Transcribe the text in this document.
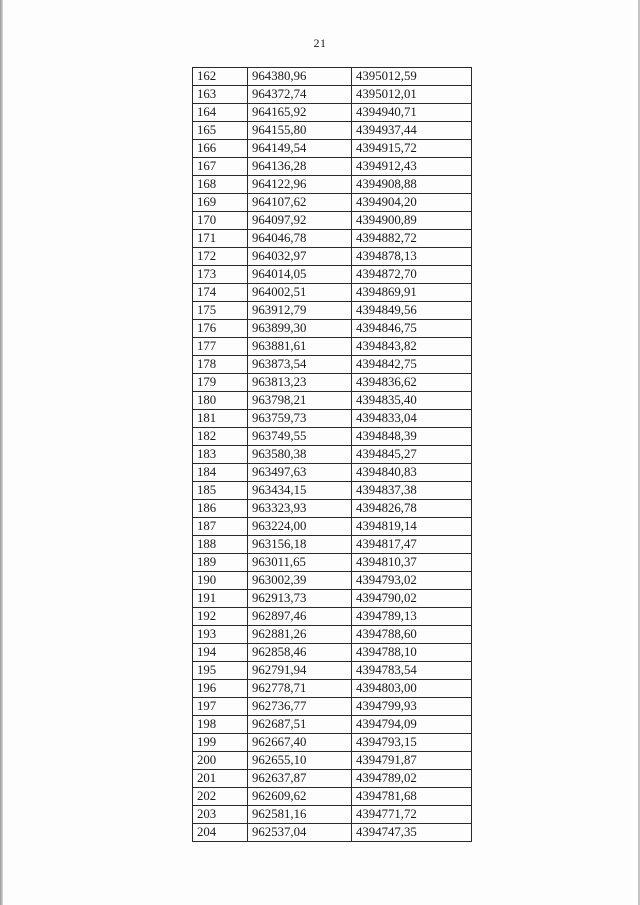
21
162	964380,96	4395012,59
163	964372,74	4395012,01
164	964165,92	4394940,71
165	964155,80	4394937,44
166	964149,54	4394915,72
167	964136,28	4394912,43
168	964122,96	4394908,88
169	964107,62	4394904,20
170	964097,92	4394900,89
171	964046,78	4394882,72
172	964032,97	4394878,13
173	964014,05	4394872,70
174	964002,51	4394869,91
175	963912,79	4394849,56
176	963899,30	4394846,75
177	963881,61	4394843,82
178	963873,54	4394842,75
179	963813,23	4394836,62
180	963798,21	4394835,40
181	963759,73	4394833,04
182	963749,55	4394848,39
183	963580,38	4394845,27
184	963497,63	4394840,83
185	963434,15	4394837,38
186	963323,93	4394826,78
187	963224,00	4394819,14
188	963156,18	4394817,47
189	963011,65	4394810,37
190	963002,39	4394793,02
191	962913,73	4394790,02
192	962897,46	4394789,13
193	962881,26	4394788,60
194	962858,46	4394788,10
195	962791,94	4394783,54
196	962778,71	4394803,00
197	962736,77	4394799,93
198	962687,51	4394794,09
199	962667,40	4394793,15
200	962655,10	4394791,87
201	962637,87	4394789,02
202	962609,62	4394781,68
203	962581,16	4394771,72
204	962537,04	4394747,35
